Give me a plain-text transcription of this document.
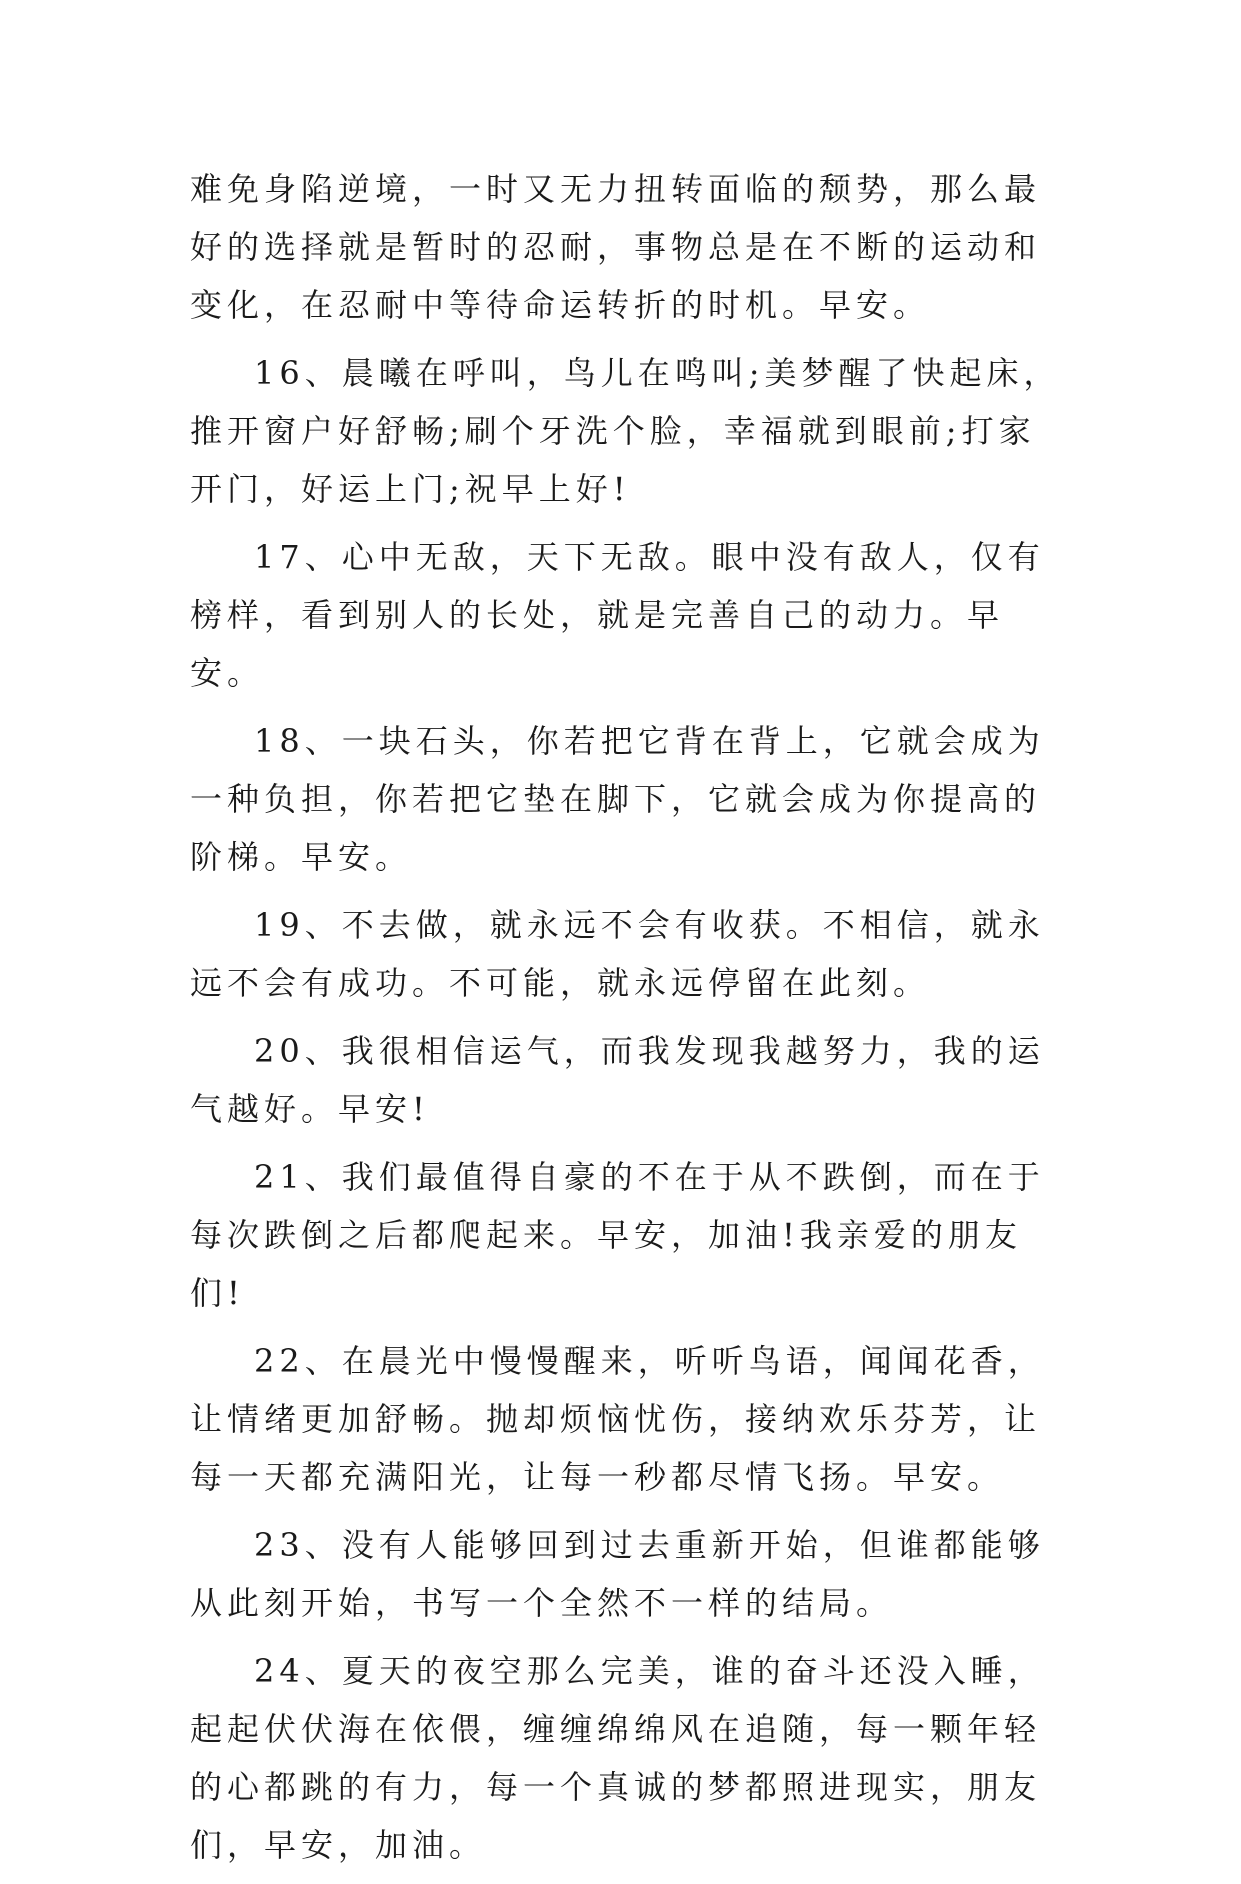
难免身陷逆境，一时又无力扭转面临的颓势，那么最好的选择就是暂时的忍耐，事物总是在不断的运动和变化，在忍耐中等待命运转折的时机。早安。

16、晨曦在呼叫，鸟儿在鸣叫;美梦醒了快起床，推开窗户好舒畅;刷个牙洗个脸，幸福就到眼前;打家开门，好运上门;祝早上好!

17、心中无敌，天下无敌。眼中没有敌人，仅有榜样，看到别人的长处，就是完善自己的动力。早安。

18、一块石头，你若把它背在背上，它就会成为一种负担，你若把它垫在脚下，它就会成为你提高的阶梯。早安。

19、不去做，就永远不会有收获。不相信，就永远不会有成功。不可能，就永远停留在此刻。

20、我很相信运气，而我发现我越努力，我的运气越好。早安!

21、我们最值得自豪的不在于从不跌倒，而在于每次跌倒之后都爬起来。早安，加油!我亲爱的朋友们!

22、在晨光中慢慢醒来，听听鸟语，闻闻花香，让情绪更加舒畅。抛却烦恼忧伤，接纳欢乐芬芳，让每一天都充满阳光，让每一秒都尽情飞扬。早安。

23、没有人能够回到过去重新开始，但谁都能够从此刻开始，书写一个全然不一样的结局。

24、夏天的夜空那么完美，谁的奋斗还没入睡，起起伏伏海在依偎，缠缠绵绵风在追随，每一颗年轻的心都跳的有力，每一个真诚的梦都照进现实，朋友们，早安，加油。
